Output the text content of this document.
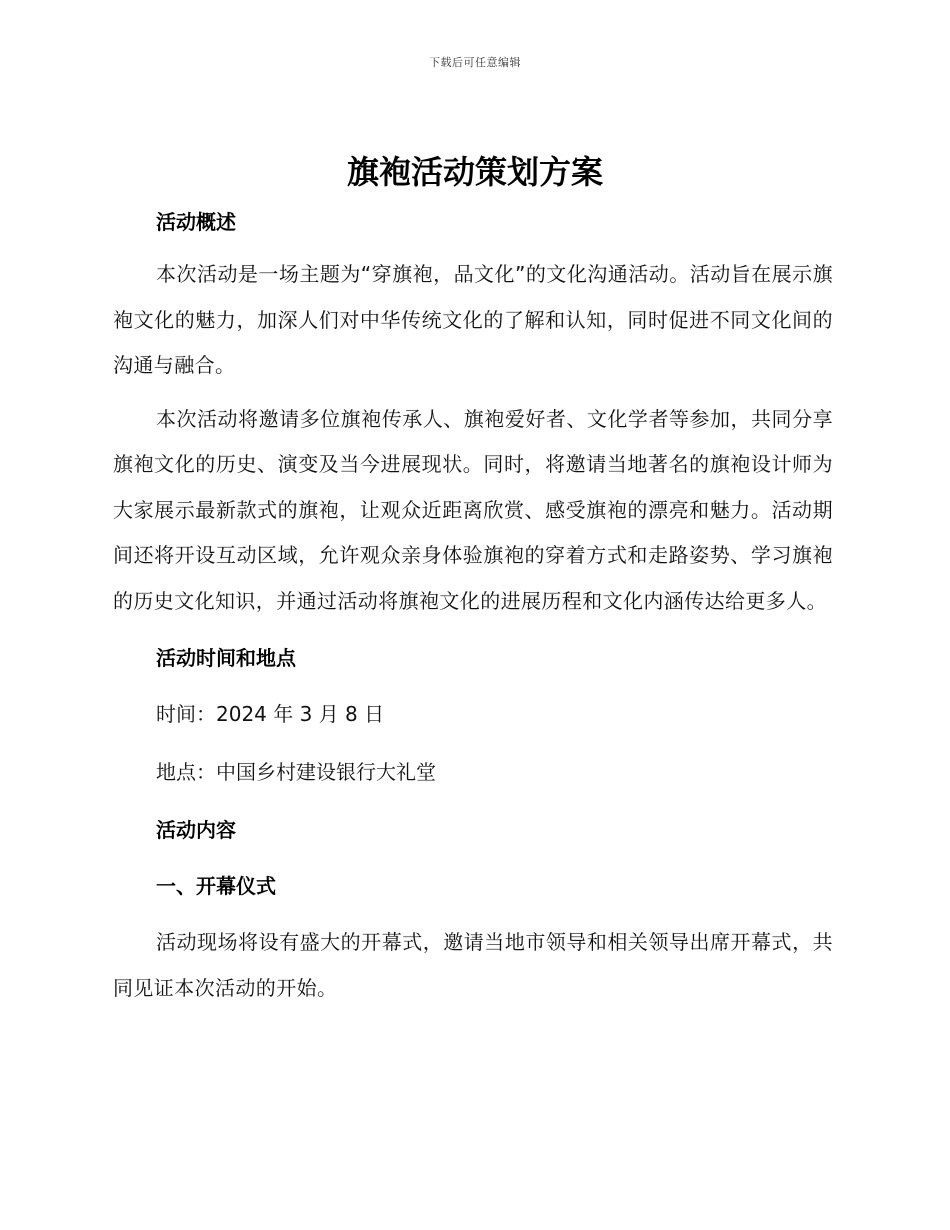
下载后可任意编辑
旗袍活动策划方案

活动概述

本次活动是一场主题为“穿旗袍，品文化”的文化沟通活动。活动旨在展示旗袍文化的魅力，加深人们对中华传统文化的了解和认知，同时促进不同文化间的沟通与融合。

本次活动将邀请多位旗袍传承人、旗袍爱好者、文化学者等参加，共同分享旗袍文化的历史、演变及当今进展现状。同时，将邀请当地著名的旗袍设计师为大家展示最新款式的旗袍，让观众近距离欣赏、感受旗袍的漂亮和魅力。活动期间还将开设互动区域，允许观众亲身体验旗袍的穿着方式和走路姿势、学习旗袍的历史文化知识，并通过活动将旗袍文化的进展历程和文化内涵传达给更多人。

活动时间和地点

时间：2024 年 3 月 8 日

地点：中国乡村建设银行大礼堂

活动内容

一、开幕仪式

活动现场将设有盛大的开幕式，邀请当地市领导和相关领导出席开幕式，共同见证本次活动的开始。
